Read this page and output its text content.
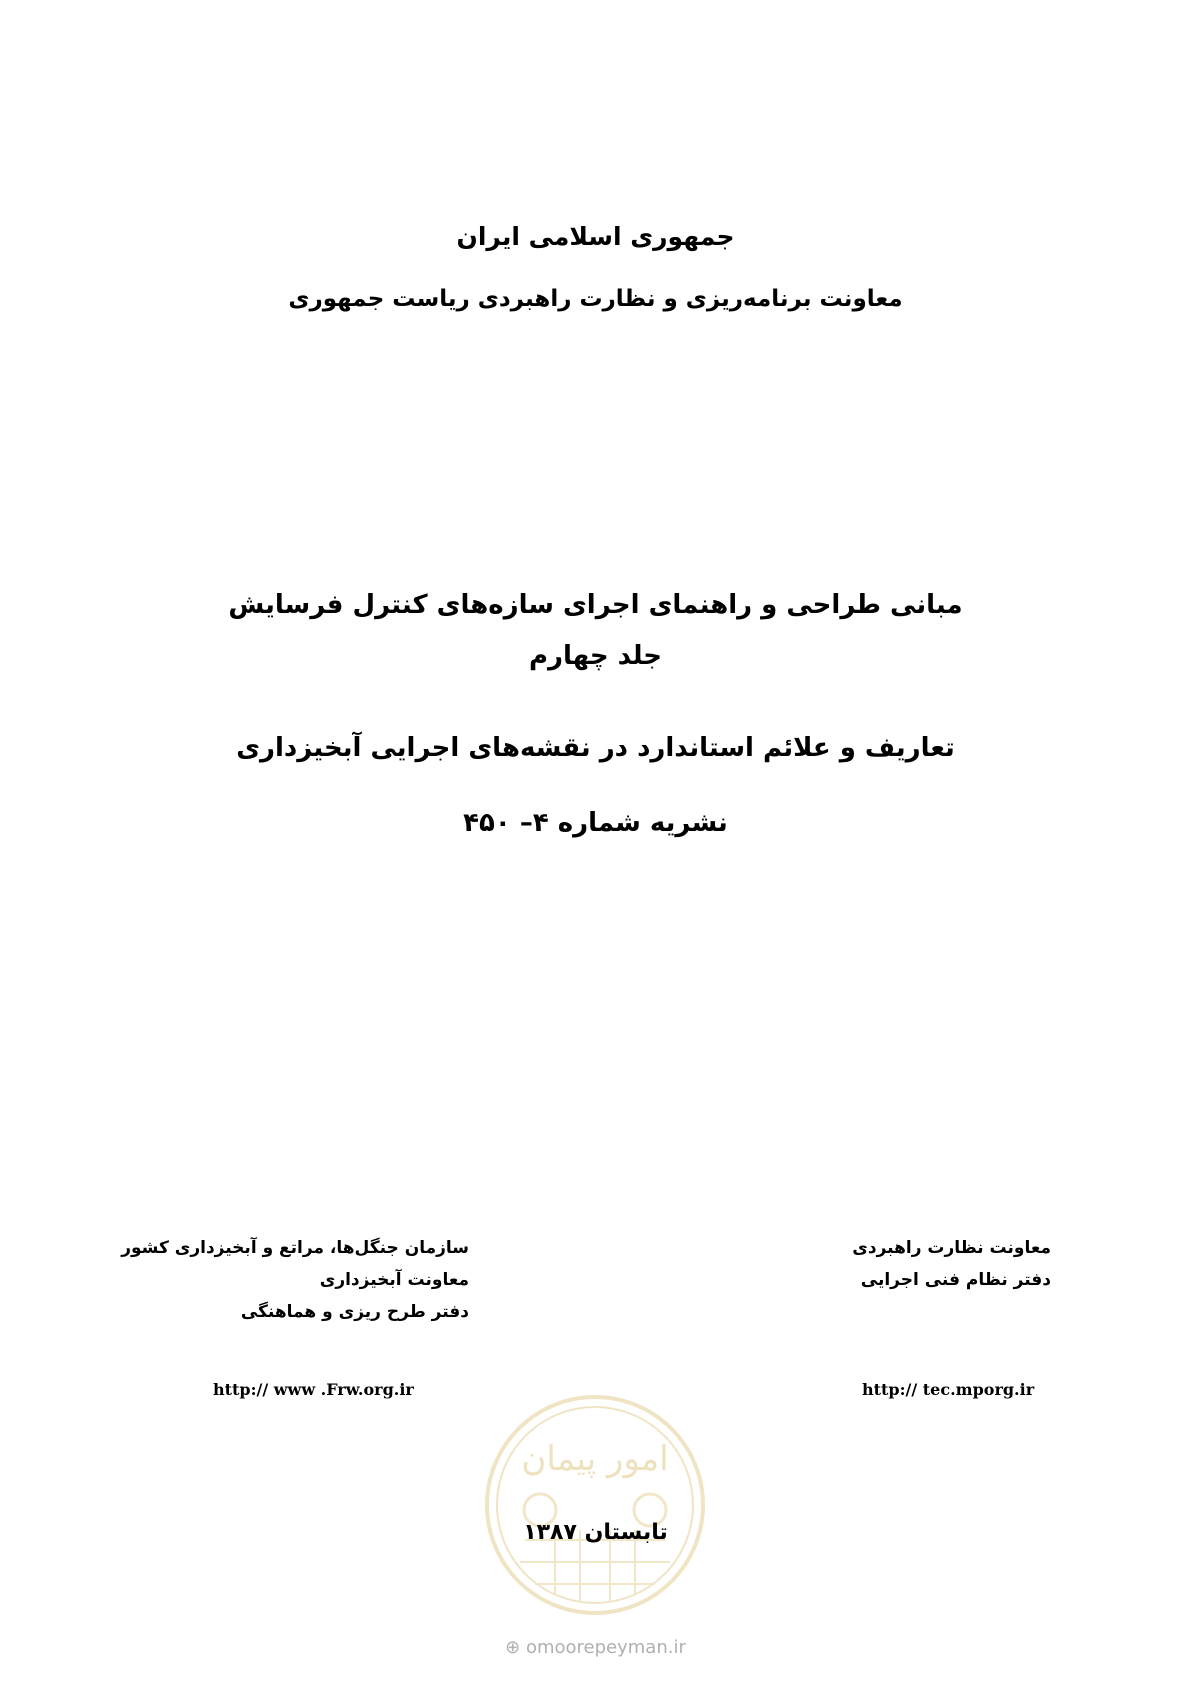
جمهوری اسلامی ایران
معاونت برنامه‌ریزی و نظارت راهبردی ریاست جمهوری
مبانی طراحی و راهنمای اجرای سازه‌های کنترل فرسایش
جلد چهارم
تعاریف و علائم استاندارد در نقشه‌های اجرایی آبخیزداری
نشریه شماره ۴– ۴۵۰
سازمان جنگل‌ها، مراتع و آبخیزداری کشور
معاونت آبخیزداری
دفتر طرح ریزی و هماهنگی
معاونت نظارت راهبردی
دفتر نظام فنی اجرایی
http:// www .Frw.org.ir	http:// tec.mporg.ir
امور پیمان
تابستان ۱۳۸۷
⊕ omoorepeyman.ir
